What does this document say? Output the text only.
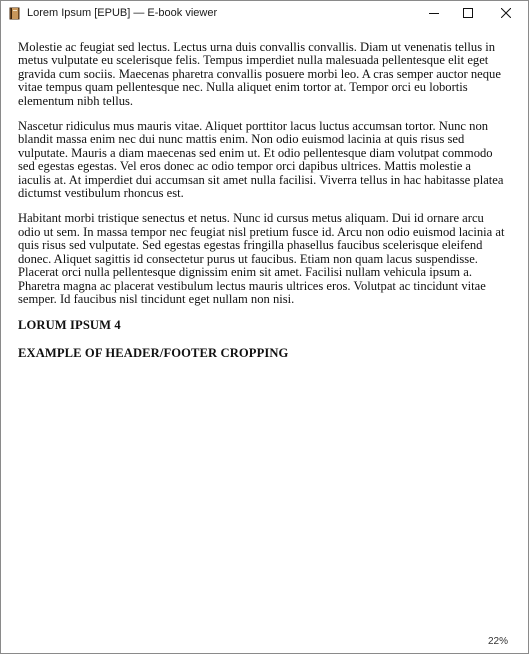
Lorem Ipsum [EPUB] — E-book viewer

Molestie ac feugiat sed lectus. Lectus urna duis convallis convallis. Diam ut venenatis tellus in metus vulputate eu scelerisque felis. Tempus imperdiet nulla malesuada pellentesque elit eget gravida cum sociis. Maecenas pharetra convallis posuere morbi leo. A cras semper auctor neque vitae tempus quam pellentesque nec. Nulla aliquet enim tortor at. Tempor orci eu lobortis elementum nibh tellus.

Nascetur ridiculus mus mauris vitae. Aliquet porttitor lacus luctus accumsan tortor. Nunc non blandit massa enim nec dui nunc mattis enim. Non odio euismod lacinia at quis risus sed vulputate. Mauris a diam maecenas sed enim ut. Et odio pellentesque diam volutpat commodo sed egestas egestas. Vel eros donec ac odio tempor orci dapibus ultrices. Mattis molestie a iaculis at. At imperdiet dui accumsan sit amet nulla facilisi. Viverra tellus in hac habitasse platea dictumst vestibulum rhoncus est.

Habitant morbi tristique senectus et netus. Nunc id cursus metus aliquam. Dui id ornare arcu odio ut sem. In massa tempor nec feugiat nisl pretium fusce id. Arcu non odio euismod lacinia at quis risus sed vulputate. Sed egestas egestas fringilla phasellus faucibus scelerisque eleifend donec. Aliquet sagittis id consectetur purus ut faucibus. Etiam non quam lacus suspendisse. Placerat orci nulla pellentesque dignissim enim sit amet. Facilisi nullam vehicula ipsum a. Pharetra magna ac placerat vestibulum lectus mauris ultrices eros. Volutpat ac tincidunt vitae semper. Id faucibus nisl tincidunt eget nullam non nisi.

LORUM IPSUM 4
EXAMPLE OF HEADER/FOOTER CROPPING
22%
